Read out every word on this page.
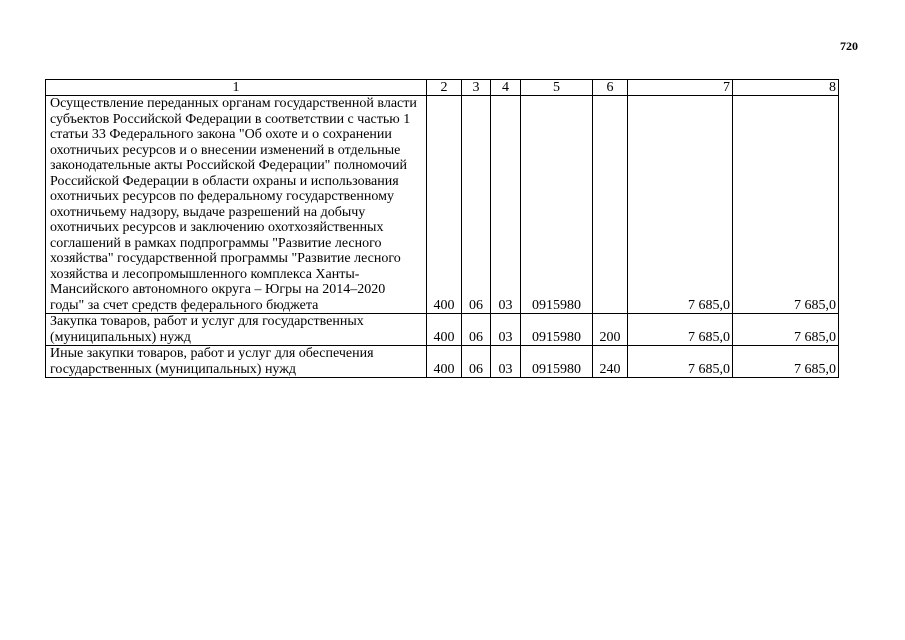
720
1	2	3	4	5	6	7	8
Осуществление переданных органам государственной власти субъектов Российской Федерации в соответствии с частью 1 статьи 33 Федерального закона "Об охоте и о сохранении охотничьих ресурсов и о внесении изменений в отдельные законодательные акты Российской Федерации" полномочий Российской Федерации в области охраны и использования охотничьих ресурсов по федеральному государственному охотничьему надзору, выдаче разрешений на добычу охотничьих ресурсов и заключению охотхозяйственных соглашений в рамках подпрограммы "Развитие лесного хозяйства" государственной программы "Развитие лесного хозяйства и лесопромышленного комплекса Ханты-Мансийского автономного округа – Югры на 2014–2020 годы" за счет средств федерального бюджета	400	06	03	0915980		7 685,0	7 685,0
Закупка товаров, работ и услуг для государственных (муниципальных) нужд	400	06	03	0915980	200	7 685,0	7 685,0
Иные закупки товаров, работ и услуг для обеспечения государственных (муниципальных) нужд	400	06	03	0915980	240	7 685,0	7 685,0
